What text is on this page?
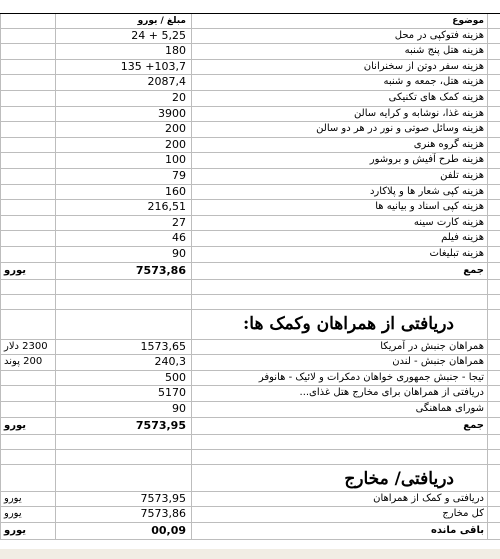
مبلغ / یورو	موضوع
24 + 5,25	هزینه فتوکپی در محل
180	هزینه هتل پنج شنبه
135 +103,7	هزینه سفر دوتن از سخنرانان
2087,4	هزینه هتل، جمعه و شنبه
20	هزینه کمک های تکنیکی
3900	هزینه غذا، نوشابه و کرایه سالن
200	هزینه وسائل صوتی و نور در هر دو سالن
200	هزینه گروه هنری
100	هزینه طرح آفیش و بروشور
79	هزینه تلفن
160	هزینه کپی شعار ها و پلاکارد
216,51	هزینه کپی اسناد و بیانیه ها
27	هزینه کارت سینه
46	هزینه فیلم
90	هزینه تبلیغات
یورو	7573,86	جمع
دریافتی از همراهان وکمک ها:
2300 دلار	1573,65	همراهان جنبش در آمریکا
200 پوند	240,3	همراهان جنبش - لندن
500	تیجا - جنبش جمهوری خواهان دمکرات و لائیک - هانوفر
5170	دریافتی از همراهان برای مخارج هتل غذای...
90	شورای هماهنگی
یورو	7573,95	جمع
دریافتی/ مخارج
یورو	7573,95	دریافتی و کمک از همراهان
یورو	7573,86	کل مخارج
یورو	00,09	باقی مانده
